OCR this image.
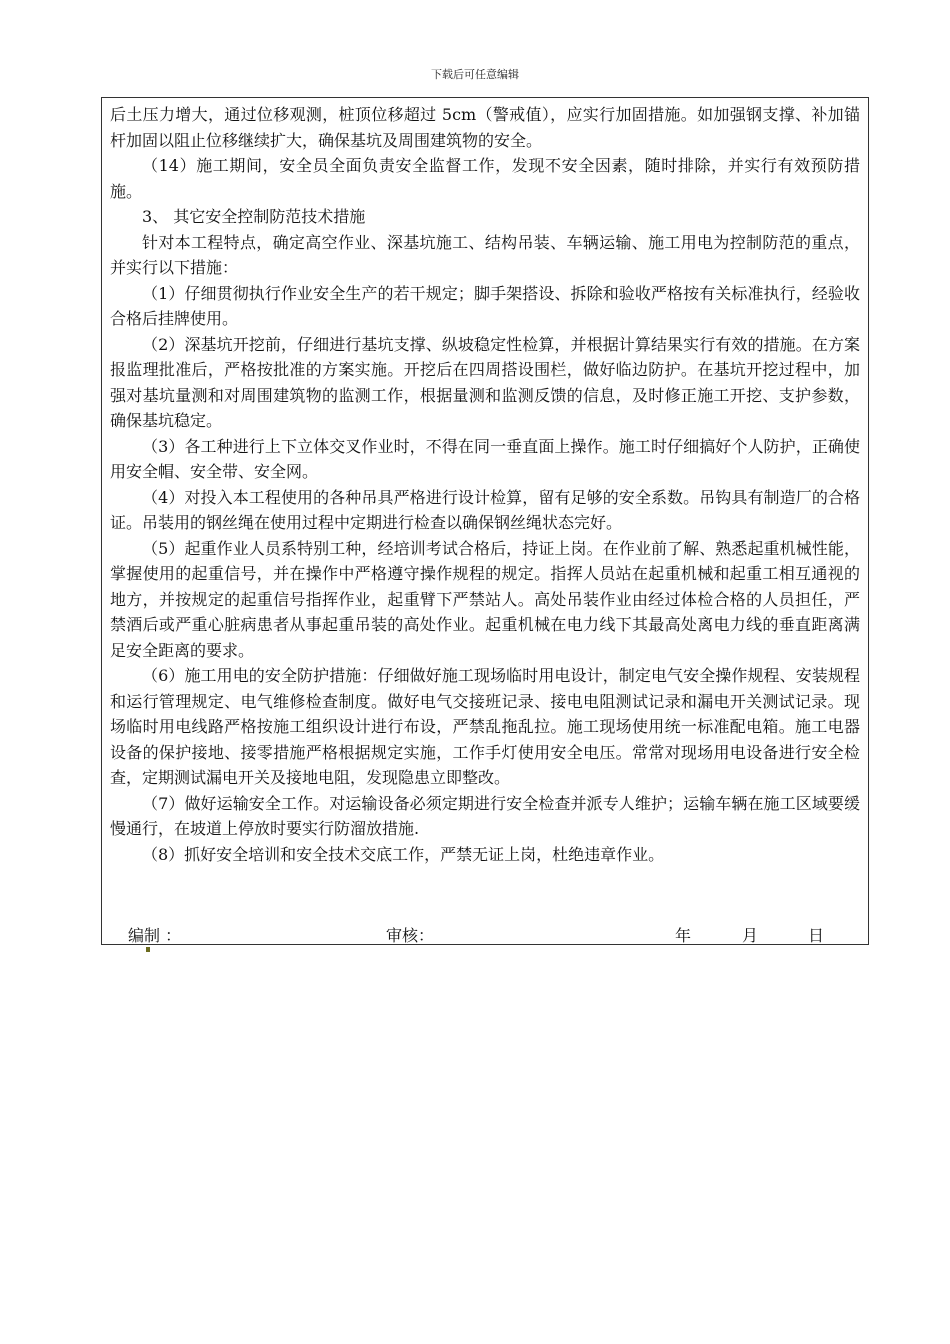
下载后可任意编辑

后土压力增大，通过位移观测，桩顶位移超过 5cm（警戒值），应实行加固措施。如加强钢支撑、补加锚杆加固以阻止位移继续扩大，确保基坑及周围建筑物的安全。

（14）施工期间，安全员全面负责安全监督工作，发现不安全因素，随时排除，并实行有效预防措施。

3、 其它安全控制防范技术措施

针对本工程特点，确定高空作业、深基坑施工、结构吊装、车辆运输、施工用电为控制防范的重点，并实行以下措施：

（1）仔细贯彻执行作业安全生产的若干规定；脚手架搭设、拆除和验收严格按有关标准执行，经验收合格后挂牌使用。

（2）深基坑开挖前，仔细进行基坑支撑、纵坡稳定性检算，并根据计算结果实行有效的措施。在方案报监理批准后，严格按批准的方案实施。开挖后在四周搭设围栏，做好临边防护。在基坑开挖过程中，加强对基坑量测和对周围建筑物的监测工作，根据量测和监测反馈的信息，及时修正施工开挖、支护参数，确保基坑稳定。

（3）各工种进行上下立体交叉作业时，不得在同一垂直面上操作。施工时仔细搞好个人防护，正确使用安全帽、安全带、安全网。

（4）对投入本工程使用的各种吊具严格进行设计检算，留有足够的安全系数。吊钩具有制造厂的合格证。吊装用的钢丝绳在使用过程中定期进行检查以确保钢丝绳状态完好。

（5）起重作业人员系特别工种，经培训考试合格后，持证上岗。在作业前了解、熟悉起重机械性能，掌握使用的起重信号，并在操作中严格遵守操作规程的规定。指挥人员站在起重机械和起重工相互通视的地方，并按规定的起重信号指挥作业，起重臂下严禁站人。高处吊装作业由经过体检合格的人员担任，严禁酒后或严重心脏病患者从事起重吊装的高处作业。起重机械在电力线下其最高处离电力线的垂直距离满足安全距离的要求。

（6）施工用电的安全防护措施：仔细做好施工现场临时用电设计，制定电气安全操作规程、安装规程和运行管理规定、电气维修检查制度。做好电气交接班记录、接电电阻测试记录和漏电开关测试记录。现场临时用电线路严格按施工组织设计进行布设，严禁乱拖乱拉。施工现场使用统一标准配电箱。施工电器设备的保护接地、接零措施严格根据规定实施，工作手灯使用安全电压。常常对现场用电设备进行安全检查，定期测试漏电开关及接地电阻，发现隐患立即整改。

（7）做好运输安全工作。对运输设备必须定期进行安全检查并派专人维护；运输车辆在施工区域要缓慢通行，在坡道上停放时要实行防溜放措施.

（8）抓好安全培训和安全技术交底工作，严禁无证上岗，杜绝违章作业。

编制 ：	审核：	年	月	日
